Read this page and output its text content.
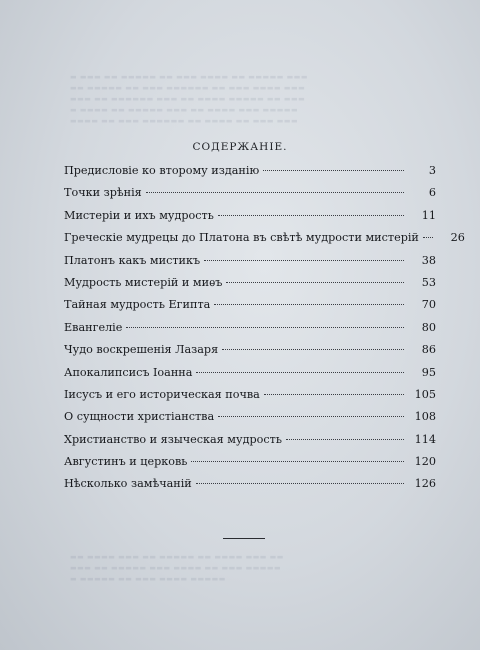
▬ ▬▬▬ ▬▬ ▬▬▬▬▬ ▬▬ ▬▬▬ ▬▬▬▬ ▬▬ ▬▬▬▬▬ ▬▬▬
▬▬ ▬▬▬▬▬ ▬▬ ▬▬▬ ▬▬▬▬▬▬ ▬▬ ▬▬▬ ▬▬▬▬ ▬▬▬
▬▬▬ ▬▬ ▬▬▬▬▬▬ ▬▬▬ ▬▬ ▬▬▬▬ ▬▬▬▬▬ ▬▬ ▬▬▬
▬ ▬▬▬▬ ▬▬ ▬▬▬▬▬ ▬▬▬ ▬▬ ▬▬▬▬ ▬▬▬ ▬▬▬▬▬
▬▬▬▬ ▬▬ ▬▬▬ ▬▬▬▬▬▬ ▬▬ ▬▬▬▬ ▬▬ ▬▬▬ ▬▬▬
▬▬ ▬▬▬▬ ▬▬▬ ▬▬ ▬▬▬▬▬ ▬▬ ▬▬▬▬ ▬▬▬ ▬▬
▬▬▬ ▬▬ ▬▬▬▬▬ ▬▬▬ ▬▬▬▬ ▬▬ ▬▬▬ ▬▬▬▬▬
▬ ▬▬▬▬▬ ▬▬ ▬▬▬ ▬▬▬▬ ▬▬▬▬▬
СОДЕРЖАНІЕ.
Предисловіе ко второму изданію	3
Точки зрѣнія	6
Мистеріи и ихъ мудрость	11
Греческіе мудрецы до Платона въ свѣтѣ мудрости мистерій	26
Платонъ какъ мистикъ	38
Мудрость мистерій и миѳъ	53
Тайная мудрость Египта	70
Евангеліе	80
Чудо воскрешенія Лазаря	86
Апокалипсисъ Іоанна	95
Іисусъ и его историческая почва	105
О сущности христіанства	108
Христианство и языческая мудрость	114
Августинъ и церковь	120
Нѣсколько замѣчаній	126
